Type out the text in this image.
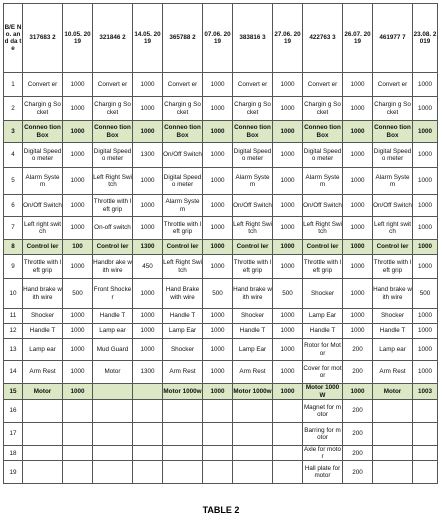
B/E N o. an d da te	317683 2	10.05. 2019	321846 2	14.05. 2019	365788 2	07.06. 2019	383816 3	27.06. 2019	422763 3	26.07. 2019	461977 7	23.08. 2019
1	Convert er	1000	Convert er	1000	Convert er	1000	Convert er	1000	Convert er	1000	Convert er	1000
2	Chargin g Socket	1000	Chargin g Socket	1000	Chargin g Socket	1000	Chargin g Socket	1000	Chargin g Socket	1000	Chargin g Socket	1000
3	Conneo tion Box	1000	Conneo tion Box	1000	Conneo tion Box	1000	Conneo tion Box	1000	Conneo tion Box	1000	Conneo tion Box	1000
4	Digital Speedo meter	1000	Digital Speedo meter	1300	On/Off Switch	1000	Digital Speedo meter	1000	Digital Speedo meter	1000	Digital Speedo meter	1000
5	Alarm System	1000	Left Right Switch	1000	Digital Speedo meter	1000	Alarm System	1000	Alarm System	1000	Alarm System	1000
6	On/Off Switch	1000	Throttle with left grip	1000	Alarm System	1000	On/Off Switch	1000	On/Off Switch	1000	On/Off Switch	1000
7	Left right switch	1000	On-off switch	1000	Throttle with left grip	1000	Left Right Switch	1000	Left Right Switch	1000	Left right switch	1000
8	Control ler	100	Control ler	1300	Control ler	1000	Control ler	1000	Control ler	1000	Control ler	1000
9	Throttle with left grip	1000	Handbr ake with wire	450	Left Right Switch	1000	Throttle with left grip	1000	Throttle with left grip	1000	Throttle with left grip	1000
10	Hand brake with wire	500	Front Shocker	1000	Hand Brake with wire	500	Hand brake with wire	500	Shocker	1000	Hand brake with wire	500
11	Shocker	1000	Handle T	1000	Handle T	1000	Shocker	1000	Lamp Ear	1000	Shocker	1000
12	Handle T	1000	Lamp ear	1000	Lamp Ear	1000	Handle T	1000	Handle T	1000	Handle T	1000
13	Lamp ear	1000	Mud Guard	1000	Shocker	1000	Lamp Ear	1000	Rotor for Motor	200	Lamp ear	1000
14	Arm Rest	1000	Motor	1300	Arm Rest	1000	Arm Rest	1000	Cover for motor	200	Arm Rest	1000
15	Motor	1000			Motor 1000w	1000	Motor 1000w	1000	Motor 1000W	1000	Motor	1003
16									Magnet for motor	200		
17									Barring for motor	200		
18									Axle for motor	200		
19									Hall plate for motor	200		
TABLE 2
